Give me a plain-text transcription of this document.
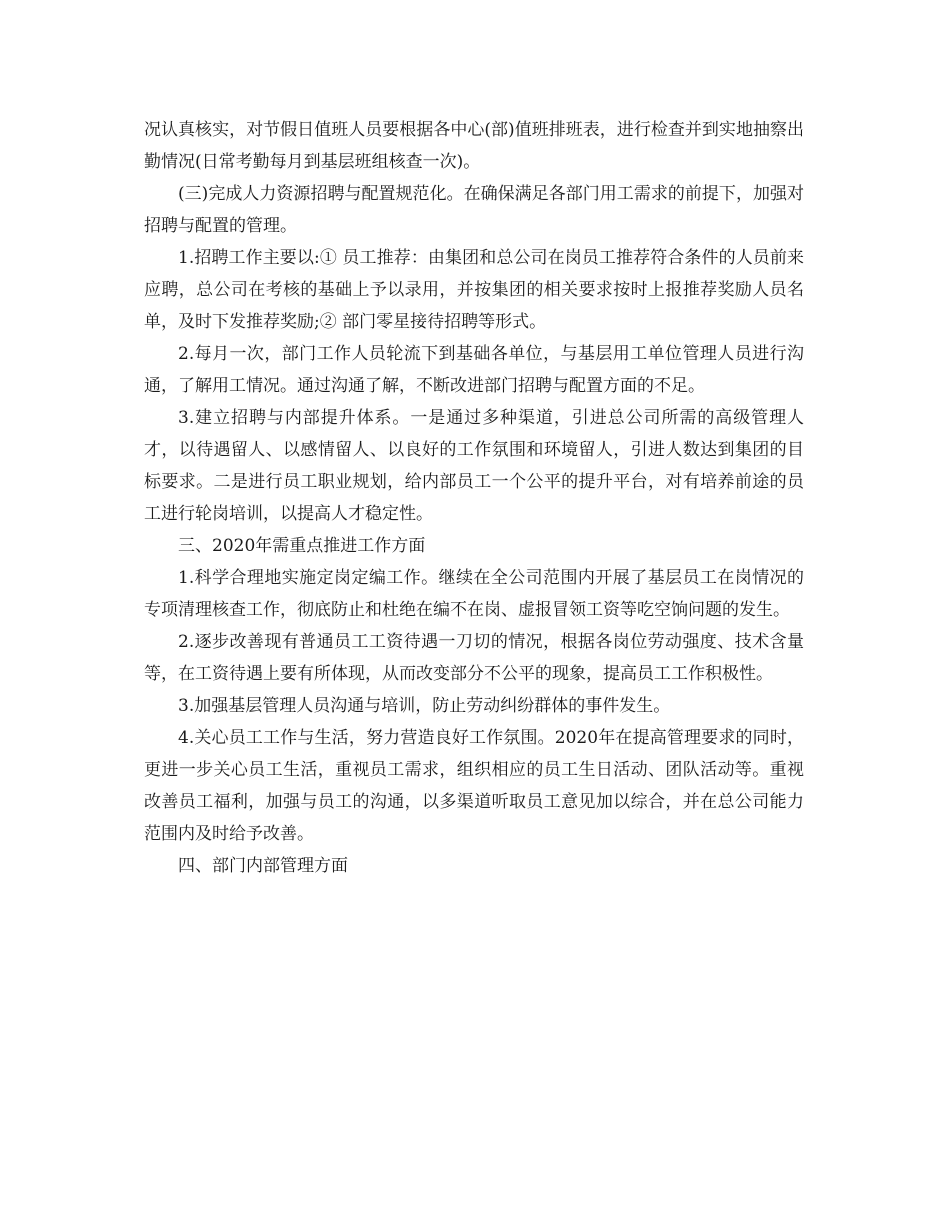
况认真核实，对节假日值班人员要根据各中心(部)值班排班表，进行检查并到实地抽察出勤情况(日常考勤每月到基层班组核查一次)。

(三)完成人力资源招聘与配置规范化。在确保满足各部门用工需求的前提下，加强对招聘与配置的管理。

1.招聘工作主要以:① 员工推荐：由集团和总公司在岗员工推荐符合条件的人员前来应聘，总公司在考核的基础上予以录用，并按集团的相关要求按时上报推荐奖励人员名单，及时下发推荐奖励;② 部门零星接待招聘等形式。

2.每月一次，部门工作人员轮流下到基础各单位，与基层用工单位管理人员进行沟通，了解用工情况。通过沟通了解，不断改进部门招聘与配置方面的不足。

3.建立招聘与内部提升体系。一是通过多种渠道，引进总公司所需的高级管理人才，以待遇留人、以感情留人、以良好的工作氛围和环境留人，引进人数达到集团的目标要求。二是进行员工职业规划，给内部员工一个公平的提升平台，对有培养前途的员工进行轮岗培训，以提高人才稳定性。

三、2020年需重点推进工作方面

1.科学合理地实施定岗定编工作。继续在全公司范围内开展了基层员工在岗情况的专项清理核查工作，彻底防止和杜绝在编不在岗、虚报冒领工资等吃空饷问题的发生。

2.逐步改善现有普通员工工资待遇一刀切的情况，根据各岗位劳动强度、技术含量等，在工资待遇上要有所体现，从而改变部分不公平的现象，提高员工工作积极性。

3.加强基层管理人员沟通与培训，防止劳动纠纷群体的事件发生。

4.关心员工工作与生活，努力营造良好工作氛围。2020年在提高管理要求的同时，更进一步关心员工生活，重视员工需求，组织相应的员工生日活动、团队活动等。重视改善员工福利，加强与员工的沟通，以多渠道听取员工意见加以综合，并在总公司能力范围内及时给予改善。

四、部门内部管理方面
